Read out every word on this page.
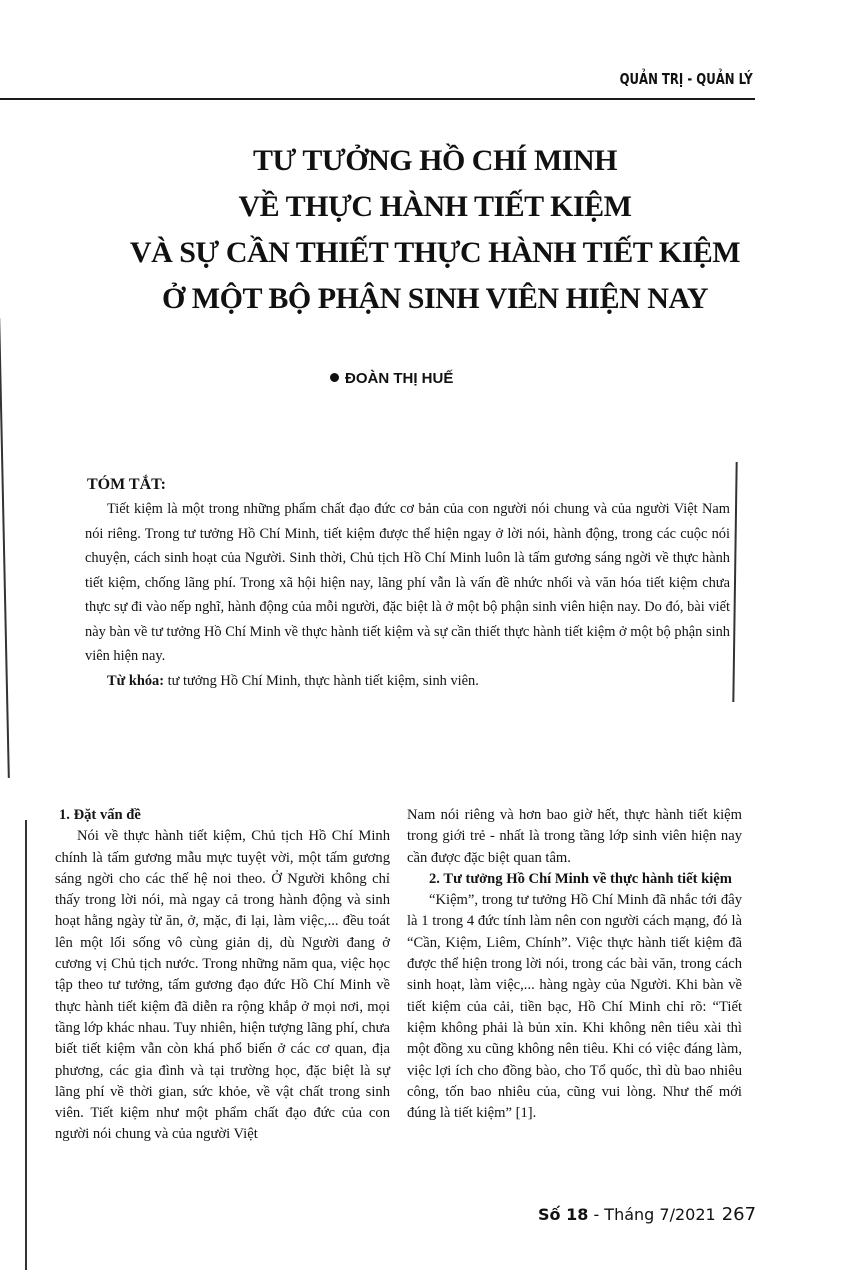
QUẢN TRỊ - QUẢN LÝ
TƯ TƯỞNG HỒ CHÍ MINH
VỀ THỰC HÀNH TIẾT KIỆM
VÀ SỰ CẦN THIẾT THỰC HÀNH TIẾT KIỆM
Ở MỘT BỘ PHẬN SINH VIÊN HIỆN NAY
ĐOÀN THỊ HUẾ
TÓM TẮT:

Tiết kiệm là một trong những phẩm chất đạo đức cơ bản của con người nói chung và của người Việt Nam nói riêng. Trong tư tưởng Hồ Chí Minh, tiết kiệm được thể hiện ngay ở lời nói, hành động, trong các cuộc nói chuyện, cách sinh hoạt của Người. Sinh thời, Chủ tịch Hồ Chí Minh luôn là tấm gương sáng ngời về thực hành tiết kiệm, chống lãng phí. Trong xã hội hiện nay, lãng phí vẫn là vấn đề nhức nhối và văn hóa tiết kiệm chưa thực sự đi vào nếp nghĩ, hành động của mỗi người, đặc biệt là ở một bộ phận sinh viên hiện nay. Do đó, bài viết này bàn về tư tưởng Hồ Chí Minh về thực hành tiết kiệm và sự cần thiết thực hành tiết kiệm ở một bộ phận sinh viên hiện nay.

Từ khóa: tư tưởng Hồ Chí Minh, thực hành tiết kiệm, sinh viên.

1. Đặt vấn đề

Nói về thực hành tiết kiệm, Chủ tịch Hồ Chí Minh chính là tấm gương mẫu mực tuyệt vời, một tấm gương sáng ngời cho các thế hệ noi theo. Ở Người không chỉ thấy trong lời nói, mà ngay cả trong hành động và sinh hoạt hằng ngày từ ăn, ở, mặc, đi lại, làm việc,... đều toát lên một lối sống vô cùng giản dị, dù Người đang ở cương vị Chủ tịch nước. Trong những năm qua, việc học tập theo tư tưởng, tấm gương đạo đức Hồ Chí Minh về thực hành tiết kiệm đã diễn ra rộng khắp ở mọi nơi, mọi tầng lớp khác nhau. Tuy nhiên, hiện tượng lãng phí, chưa biết tiết kiệm vẫn còn khá phổ biến ở các cơ quan, địa phương, các gia đình và tại trường học, đặc biệt là sự lãng phí về thời gian, sức khỏe, về vật chất trong sinh viên. Tiết kiệm như một phẩm chất đạo đức của con người nói chung và của người Việt

Nam nói riêng và hơn bao giờ hết, thực hành tiết kiệm trong giới trẻ - nhất là trong tầng lớp sinh viên hiện nay cần được đặc biệt quan tâm.

2. Tư tưởng Hồ Chí Minh về thực hành tiết kiệm

“Kiệm”, trong tư tưởng Hồ Chí Minh đã nhắc tới đây là 1 trong 4 đức tính làm nên con người cách mạng, đó là “Cần, Kiệm, Liêm, Chính”. Việc thực hành tiết kiệm đã được thể hiện trong lời nói, trong các bài văn, trong cách sinh hoạt, làm việc,... hàng ngày của Người. Khi bàn về tiết kiệm của cải, tiền bạc, Hồ Chí Minh chỉ rõ: “Tiết kiệm không phải là bủn xỉn. Khi không nên tiêu xài thì một đồng xu cũng không nên tiêu. Khi có việc đáng làm, việc lợi ích cho đồng bào, cho Tổ quốc, thì dù bao nhiêu công, tốn bao nhiêu của, cũng vui lòng. Như thế mới đúng là tiết kiệm” [1].

Số 18 - Tháng 7/2021 267
